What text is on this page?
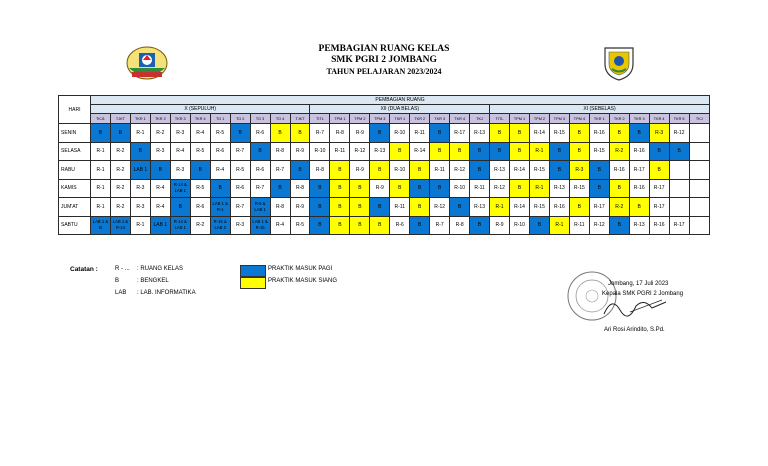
PEMBAGIAN RUANG KELAS
SMK PGRI 2 JOMBANG
TAHUN PELAJARAN 2023/2024
HARI	PEMBAGIAN RUANG																														
	X (SEPULUH)											XII (DUA BELAS)									XI (SEBELAS)										
	TKJ1	TJKT	TKR 1	TKR 2	TKR 3	TKR 4	TO 1	TO 2	TO 3	TO 4	TJKT	TITL	TPM 1	TPM 2	TPM 3	TKR 1	TKR 2	TKR 3	TKR 4	TKJ	TITL	TPM 1	TPM 2	TPM 3	TPM 4	TKR 1	TKR 2	TKR 3	TKR 4	TKR 5	TKJ
SENIN	B	B	R-1	R-2	R-3	R-4	R-5	B	R-6	B	B	R-7	R-8	R-9	B	R-10	R-11	B	R-17	R-13	B	B	R-14	R-15	B	R-16	B	B	R-3	R-12	
SELASA	R-1	R-2	B	R-3	R-4	R-5	R-6	R-7	B	R-8	R-9	R-10	R-11	R-12	R-13	B	R-14	B	B	B	B	B	R-1	B	B	R-15	R-2	R-16	B	B	
RABU	R-1	R-2	LAB 1	B	R-3	B	R-4	R-5	R-6	R-7	B	R-8	B	R-9	B	R-10	B	R-11	R-12	B	R-13	R-14	R-15	B	R-3	B	R-16	R-17	B		
KAMIS	R-1	R-2	R-3	R-4	R-14 & LAB 1	R-5	B	R-6	R-7	B	R-8	B	B	B	R-9	B	B	B	R-10	R-11	R-12	B	R-1	R-13	R-15	B	B	R-16	R-17		
JUM'AT	R-1	R-2	R-3	R-4	B	R-6	LAB 1 & R-1	R-7	R-5 & LAB 1	R-8	R-9	B	B	B	B	R-11	B	R-12	B	R-13	R-1	R-14	R-15	R-16	B	R-17	R-2	B	R-17		
SABTU	LAB 1 & B	LAB 1 & R-14	R-1	LAB 1	R-14 & LAB 1	R-2	R-15 & LAB 2	R-3	LAB 1 & R-15	R-4	R-5	B	B	B	B	R-6	B	R-7	R-8	B	R-9	R-10	B	R-1	R-11	R-12	B	R-13	R-16	R-17	
Catatan :	R - ...	: RUANG KELAS
B	: BENGKEL
LAB	: LAB. INFORMATIKA
PRAKTIK MASUK PAGI
PRAKTIK MASUK SIANG	Jombang, 17 Juli 2023
Kepala SMK PGRI 2 Jombang
Ari Rosi Arindito, S.Pd.
